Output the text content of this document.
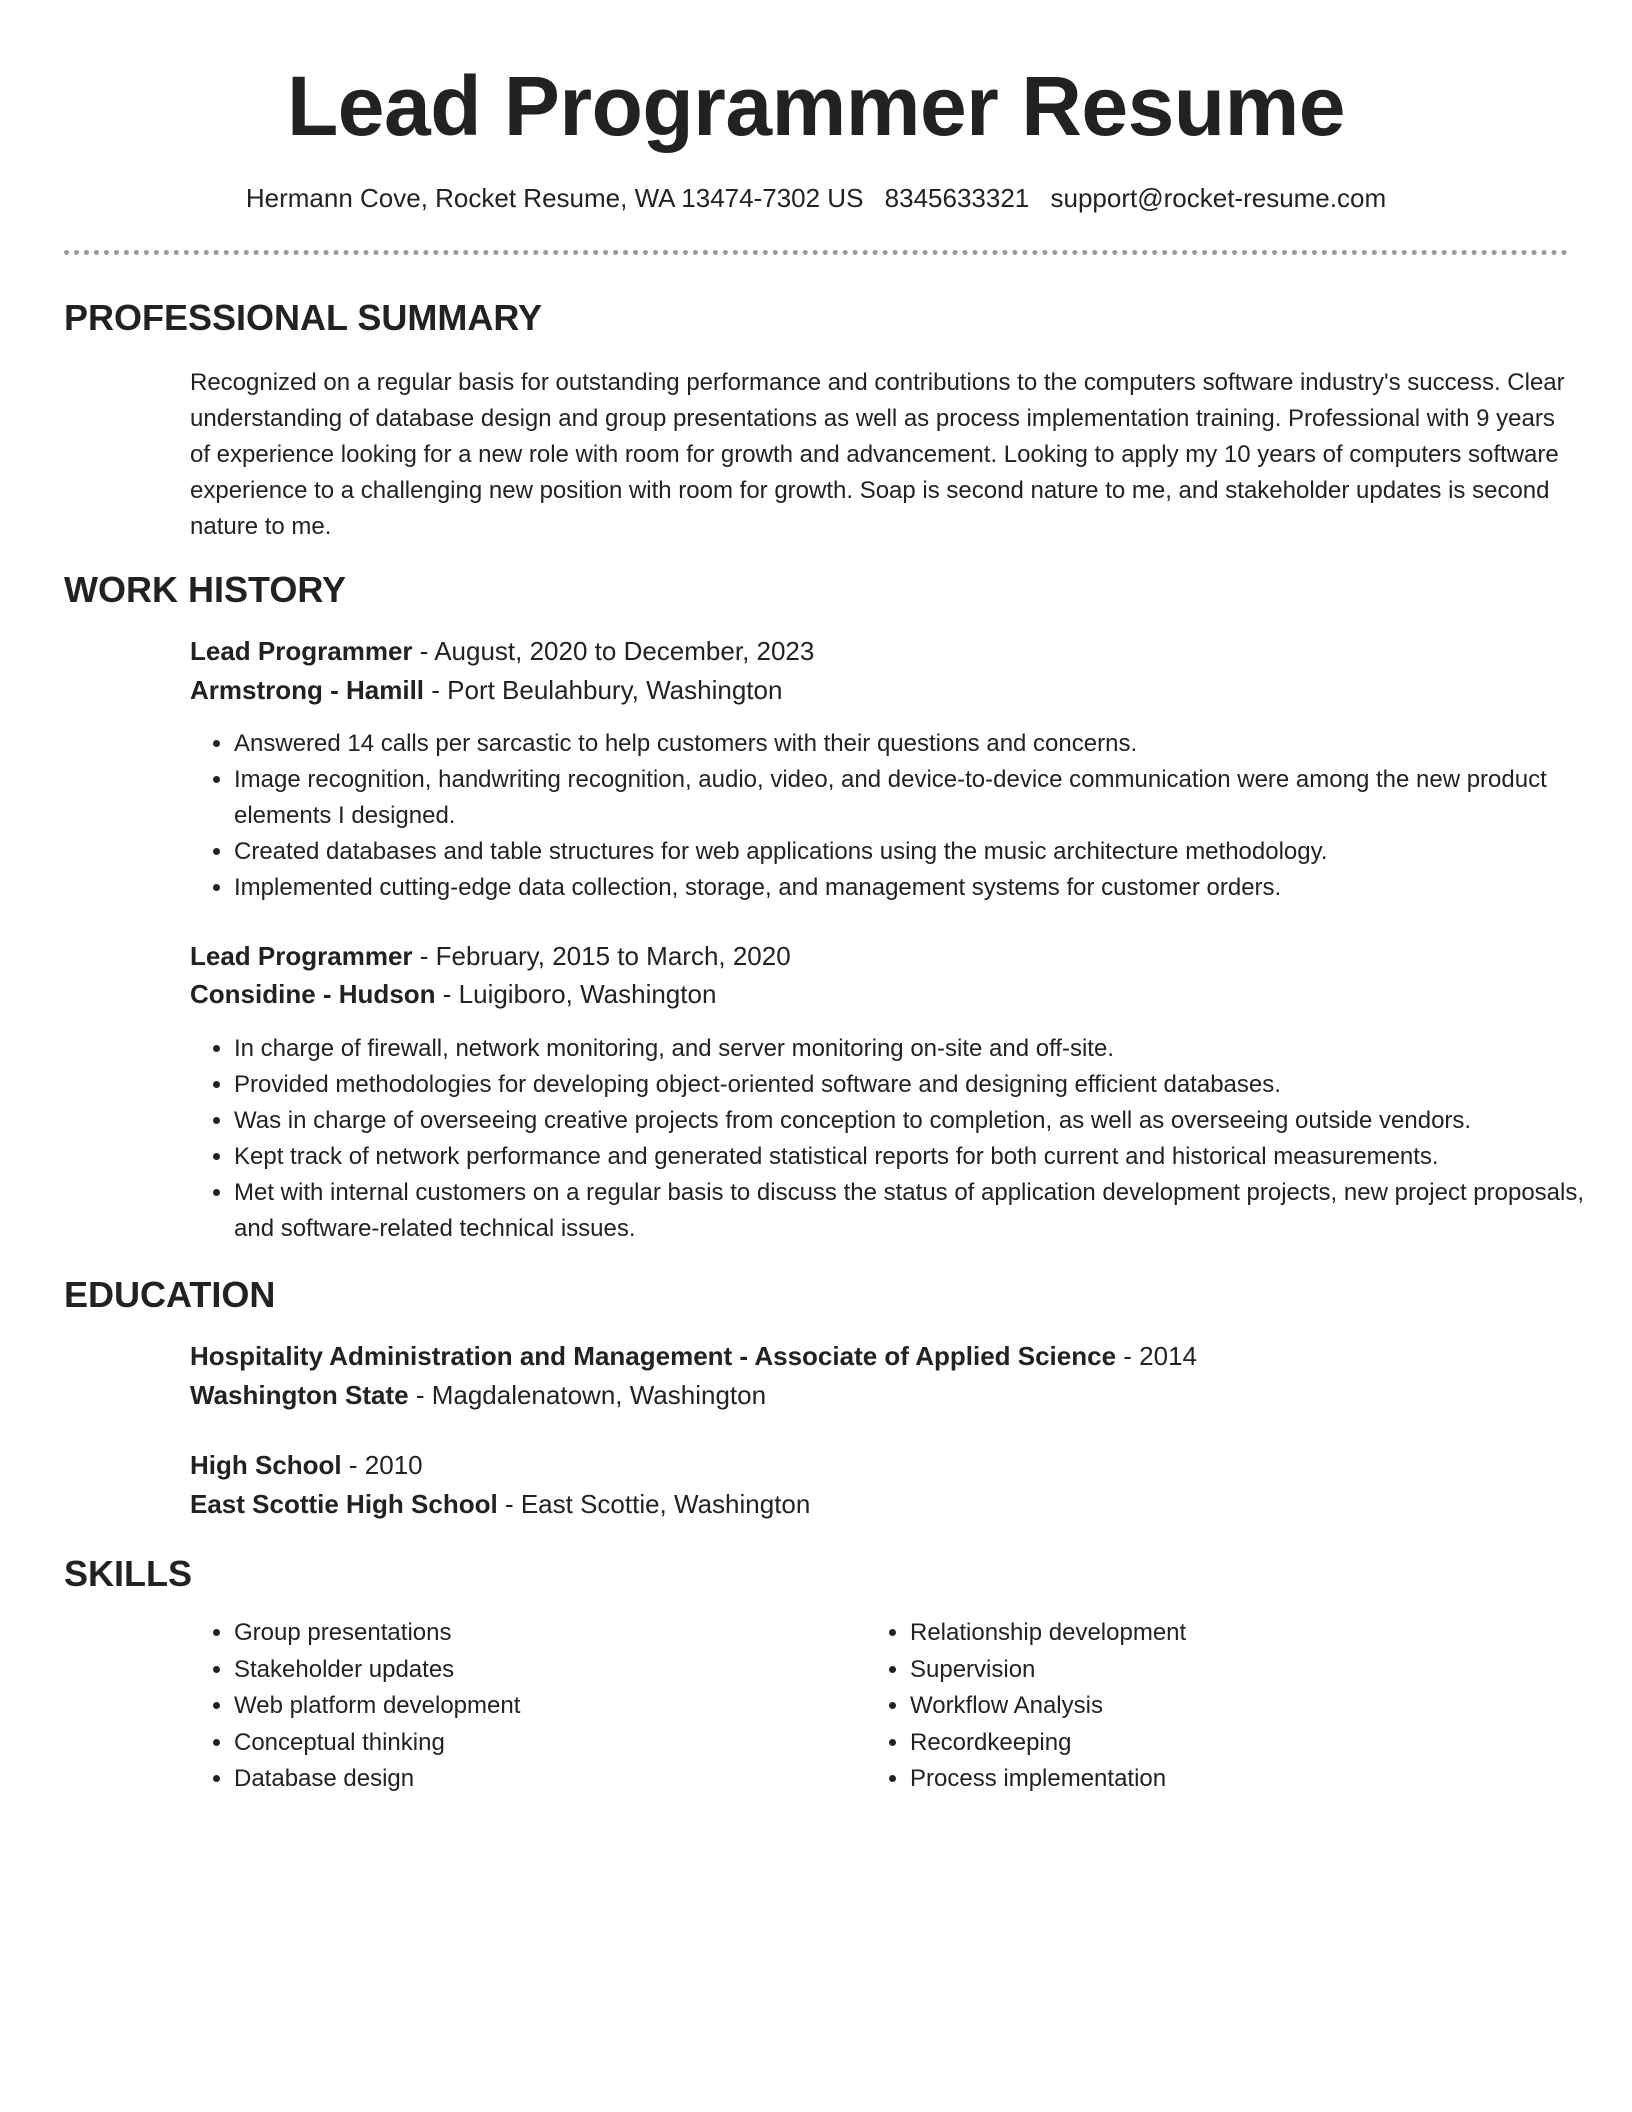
Lead Programmer Resume
Hermann Cove, Rocket Resume, WA 13474-7302 US 8345633321 support@rocket-resume.com
PROFESSIONAL SUMMARY

Recognized on a regular basis for outstanding performance and contributions to the computers software industry's success. Clear understanding of database design and group presentations as well as process implementation training. Professional with 9 years of experience looking for a new role with room for growth and advancement. Looking to apply my 10 years of computers software experience to a challenging new position with room for growth. Soap is second nature to me, and stakeholder updates is second nature to me.

WORK HISTORY
Lead Programmer - August, 2020 to December, 2023
Armstrong - Hamill - Port Beulahbury, Washington
• Answered 14 calls per sarcastic to help customers with their questions and concerns.
• Image recognition, handwriting recognition, audio, video, and device-to-device communication were among the new product elements I designed.
• Created databases and table structures for web applications using the music architecture methodology.
• Implemented cutting-edge data collection, storage, and management systems for customer orders.
Lead Programmer - February, 2015 to March, 2020
Considine - Hudson - Luigiboro, Washington
• In charge of firewall, network monitoring, and server monitoring on-site and off-site.
• Provided methodologies for developing object-oriented software and designing efficient databases.
• Was in charge of overseeing creative projects from conception to completion, as well as overseeing outside vendors.
• Kept track of network performance and generated statistical reports for both current and historical measurements.
• Met with internal customers on a regular basis to discuss the status of application development projects, new project proposals, and software-related technical issues.
EDUCATION
Hospitality Administration and Management - Associate of Applied Science - 2014
Washington State - Magdalenatown, Washington
High School - 2010
East Scottie High School - East Scottie, Washington
SKILLS
• Group presentations
• Stakeholder updates
• Web platform development
• Conceptual thinking
• Database design
• Relationship development
• Supervision
• Workflow Analysis
• Recordkeeping
• Process implementation
